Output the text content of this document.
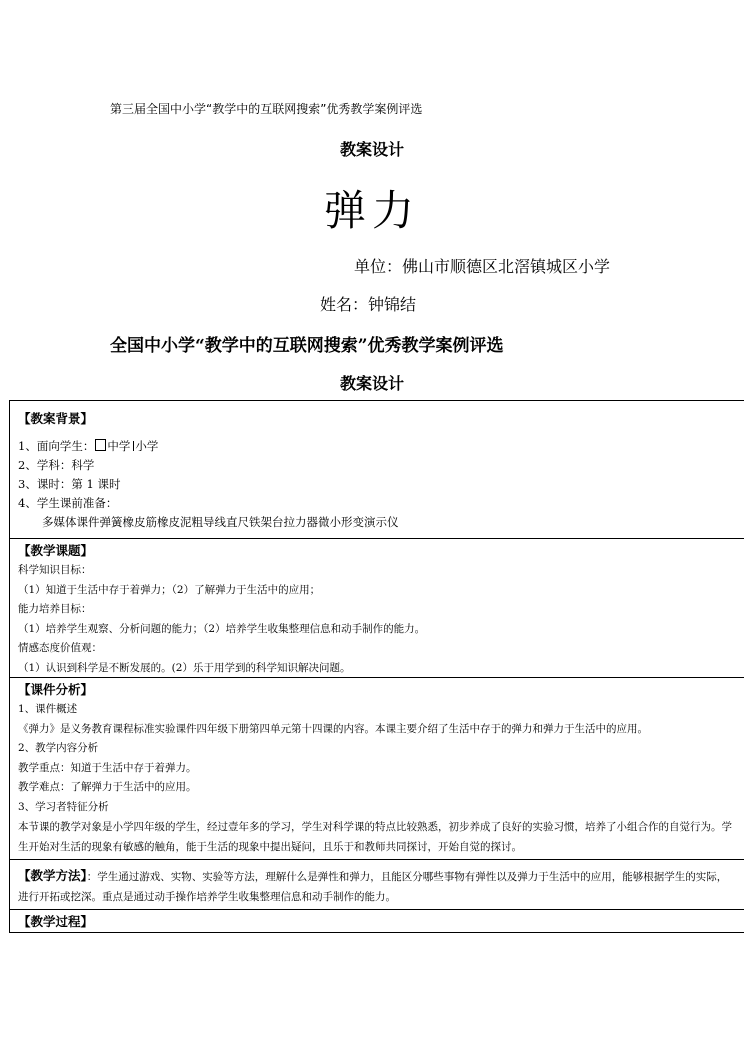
第三届全国中小学“教学中的互联网搜索”优秀教学案例评选
教案设计
弹力
单位：佛山市顺德区北滘镇城区小学
姓名：钟锦结
全国中小学“教学中的互联网搜索”优秀教学案例评选
教案设计
【教案背景】
1、面向学生： 中学 小学
2、学科：科学
3、课时：第 1 课时
4、学生课前准备：
多媒体课件弹簧橡皮筋橡皮泥粗导线直尺铁架台拉力器微小形变演示仪
【教学课题】
科学知识目标：
（1）知道于生活中存于着弹力；（2）了解弹力于生活中的应用；
能力培养目标：
（1）培养学生观察、分析问题的能力；（2）培养学生收集整理信息和动手制作的能力。
情感态度价值观：
（1）认识到科学是不断发展的。(2）乐于用学到的科学知识解决问题。
【课件分析】
1、课件概述
《弹力》是义务教育课程标准实验课件四年级下册第四单元第十四课的内容。本课主要介绍了生活中存于的弹力和弹力于生活中的应用。
2、教学内容分析
教学重点：知道于生活中存于着弹力。
教学难点：了解弹力于生活中的应用。
3、学习者特征分析
本节课的教学对象是小学四年级的学生，经过壹年多的学习，学生对科学课的特点比较熟悉，初步养成了良好的实验习惯，培养了小组合作的自觉行为。学生开始对生活的现象有敏感的触角，能于生活的现象中提出疑问，且乐于和教师共同探讨，开始自觉的探讨。
【教学方法】：学生通过游戏、实物、实验等方法，理解什么是弹性和弹力，且能区分哪些事物有弹性以及弹力于生活中的应用，能够根据学生的实际，进行开拓或挖深。重点是通过动手操作培养学生收集整理信息和动手制作的能力。
【教学过程】
